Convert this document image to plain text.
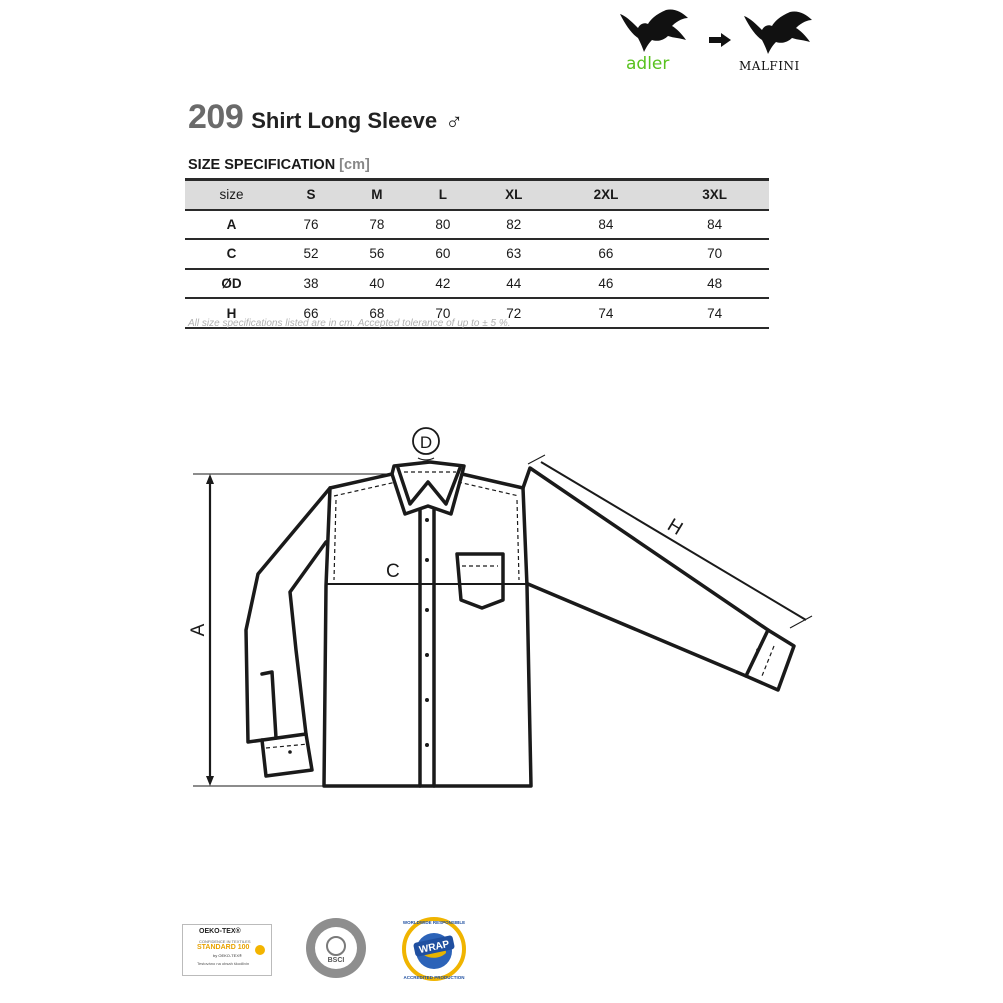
adler	MALFINI
209 Shirt Long Sleeve ♂
SIZE SPECIFICATION [cm]
size	S	M	L	XL	2XL	3XL
A	76	78	80	82	84	84
C	52	56	60	63	66	70
ØD	38	40	42	44	46	48
H	66	68	70	72	74	74
All size specifications listed are in cm. Accepted tolerance of up to ± 5 %.
A
C
D
H
OEKO-TEX®
CONFIDENCE IN TEXTILES
STANDARD 100
by OEKO-TEX®
Testováno na obsah škodlivin	BSCI
WRAP
WORLDWIDE RESPONSIBLE
ACCREDITED PRODUCTION
